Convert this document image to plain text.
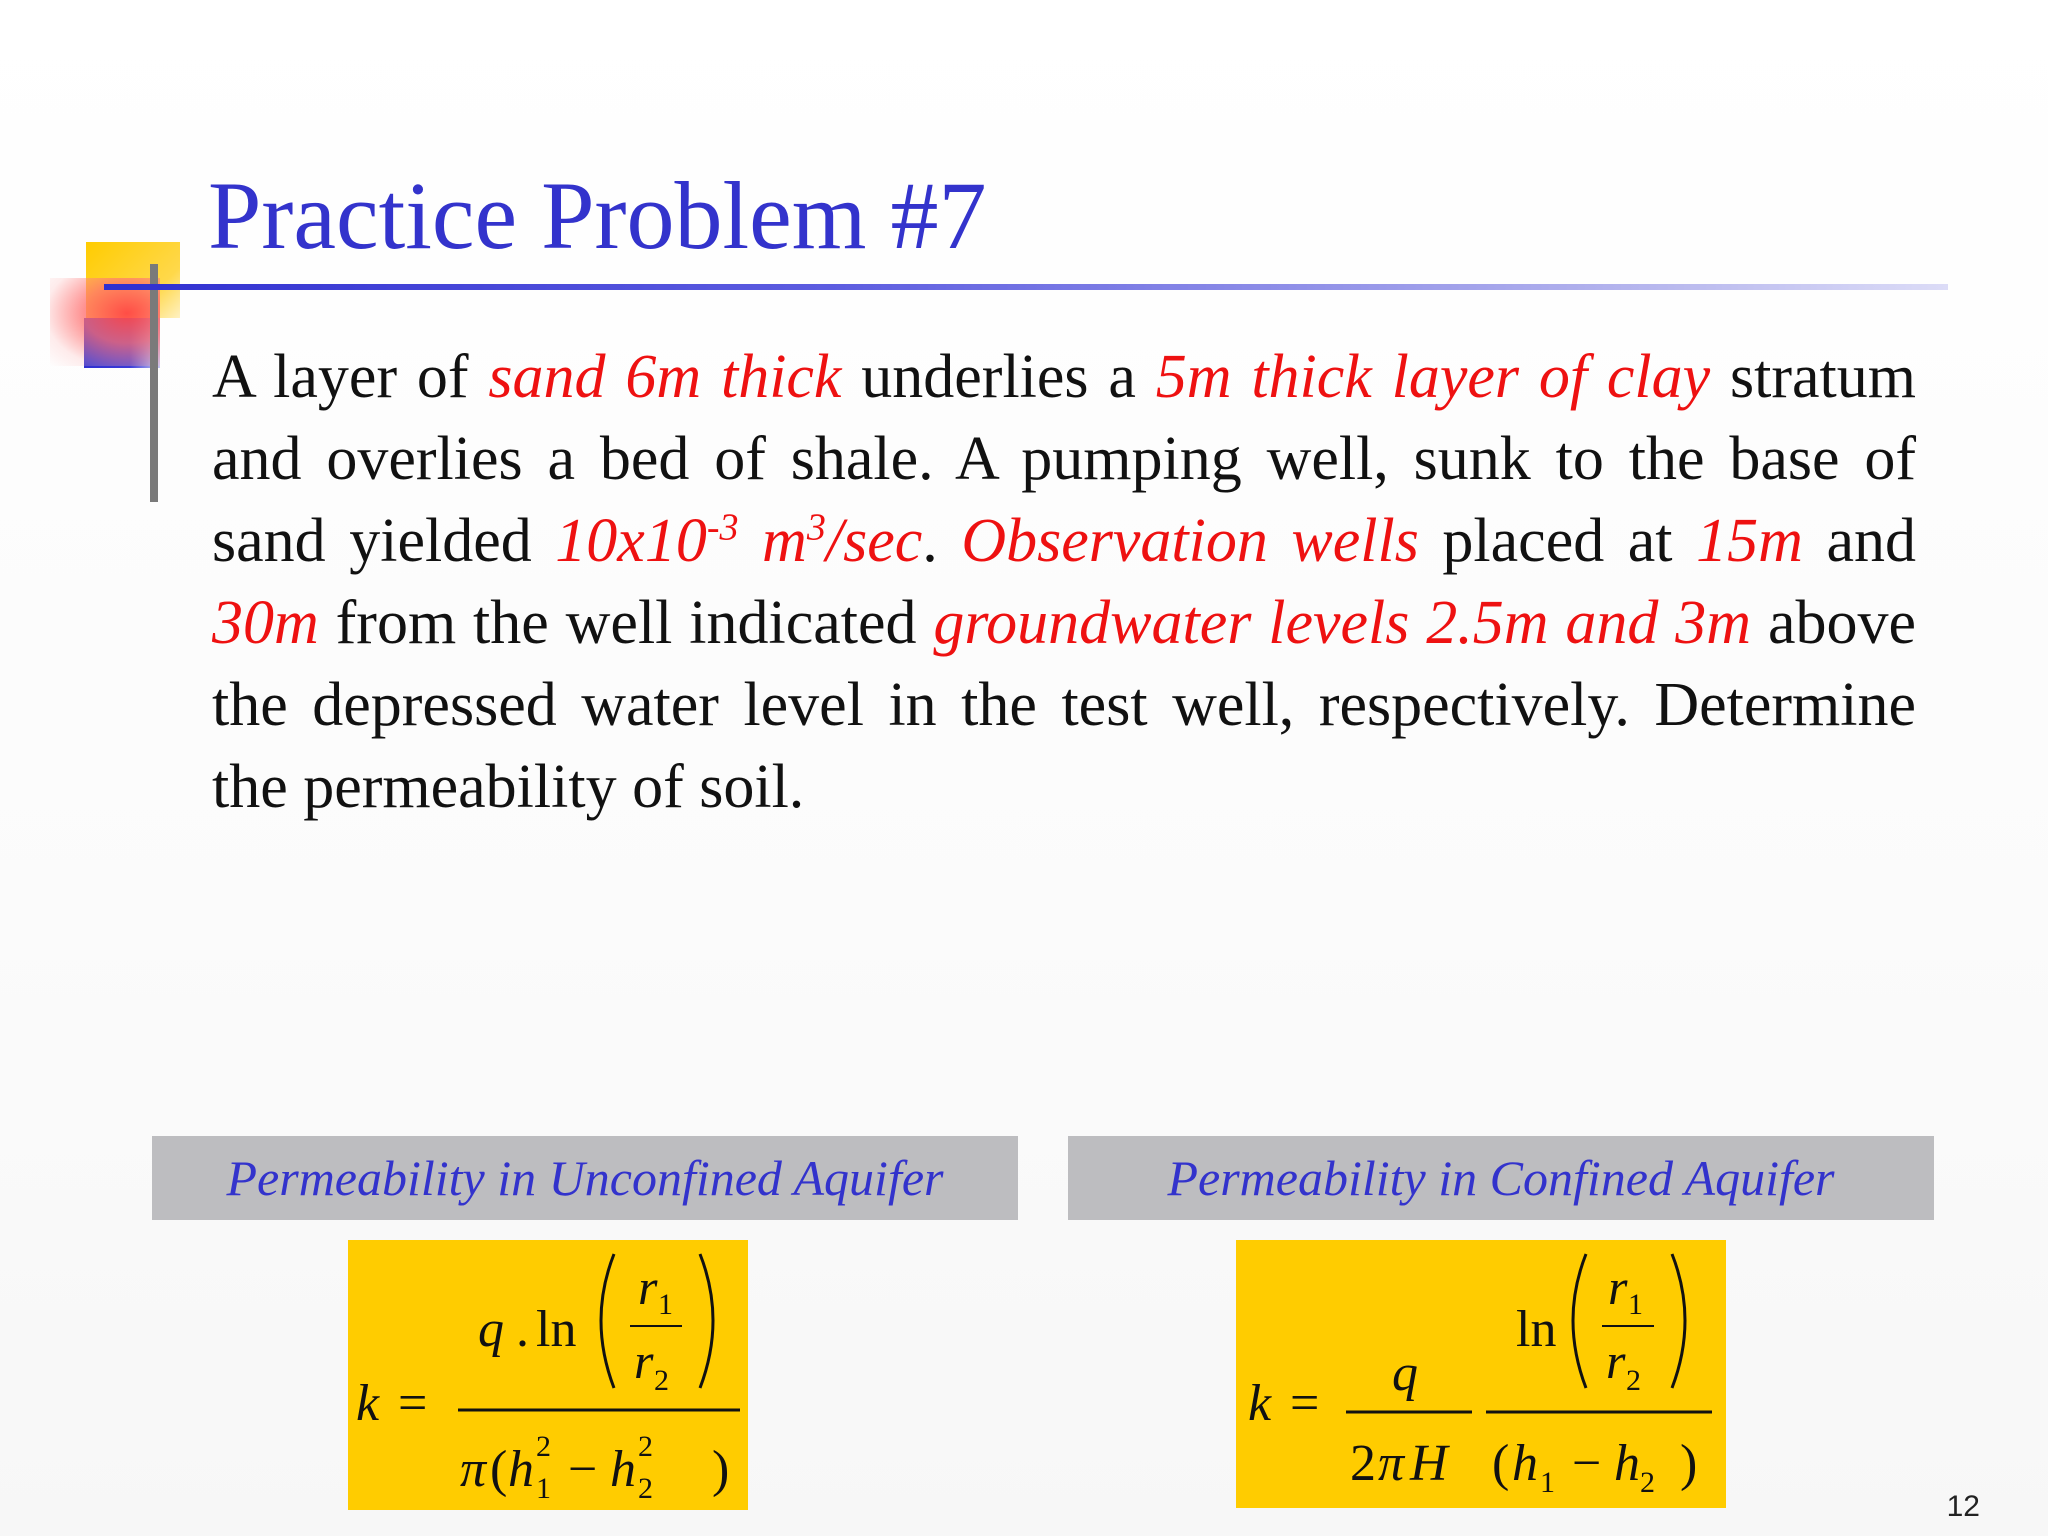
Practice Problem #7

A layer of sand 6m thick underlies a 5m thick layer of clay stratum and overlies a bed of shale. A pumping well, sunk to the base of sand yielded $10x10^{-3}$ $m^3/\sec$. Observation wells placed at 15m and 30m from the well indicated groundwater levels 2.5m and 3m above the depressed water level in the test well, respectively. Determine the permeability of soil.

Permeability in Unconfined Aquifer	Permeability in Confined Aquifer
k =
q . ln
r 1
r 2
π ( h 2
1 − h 2
2 )
k =
q
2 π H
ln
r 1
r 2
( h 1 − h 2 )
12
